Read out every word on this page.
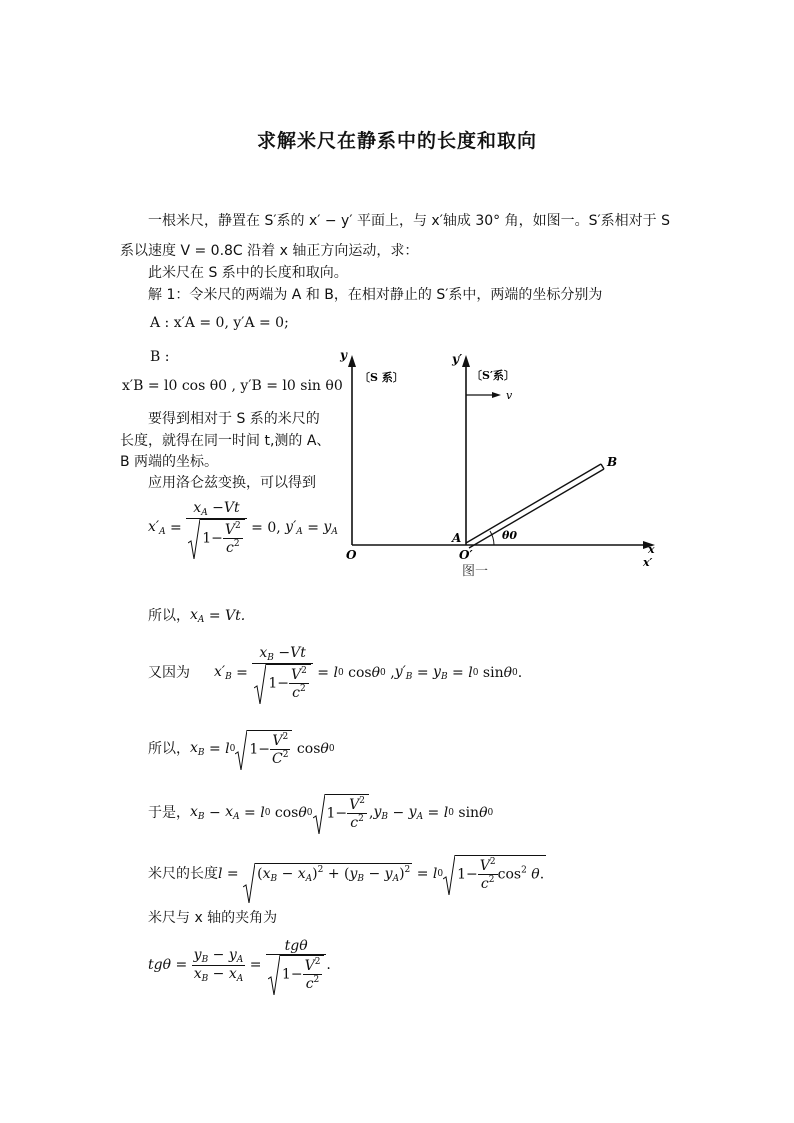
求解米尺在静系中的长度和取向
一根米尺，静置在 S′系的 x′ − y′ 平面上，与 x′轴成 30° 角，如图一。S′系相对于 S
系以速度 V = 0.8C 沿着 x 轴正方向运动，求：
此米尺在 S 系中的长度和取向。
解 1：令米尺的两端为 A 和 B，在相对静止的 S′系中，两端的坐标分别为
A : x′A = 0, y′A = 0;
B :
x′B = l0 cos θ0 , y′B = l0 sin θ0
要得到相对于 S 系的米尺的
长度，就得在同一时间 t,测的 A、
B 两端的坐标。
应用洛仑兹变换，可以得到
$x'_A = \frac{x_A -Vt}{1- \frac{V^2}{c^2}} = 0$, $y'_A = y_A$
y	y′
〔S 系〕	〔S′系〕
v
B
A	θ0
O	O′	x
x′
图一
所以， $x_A = Vt$.
又因为 $x'_B = \frac{x_B -Vt}{1- \frac{V^2}{c^2}} = l$ 0 cos θ 0 , $y'_B = y_B = l$ 0 sin θ 0 .
所以， $x_B = l$ 0	$1- \frac{V^2}{C^2}$ cos θ 0
于是， $x_B - x_A = l$ 0 cos θ 0	$1- \frac{V^2}{c^2}$ , $y_B - y_A = l$ 0 sin θ 0
米尺的长度 l =	$(x_B - x_A)^2 + (y_B - y_A)^2 = l$ 0	$1- \frac{V^2}{c^2} \cos^2 \theta$.
米尺与 x 轴的夹角为
$tg\theta = \frac{y_B - y_A}{x_B - x_A} = \frac{\text{tgθ}}{1- \frac{V^2}{c^2}}$ .
